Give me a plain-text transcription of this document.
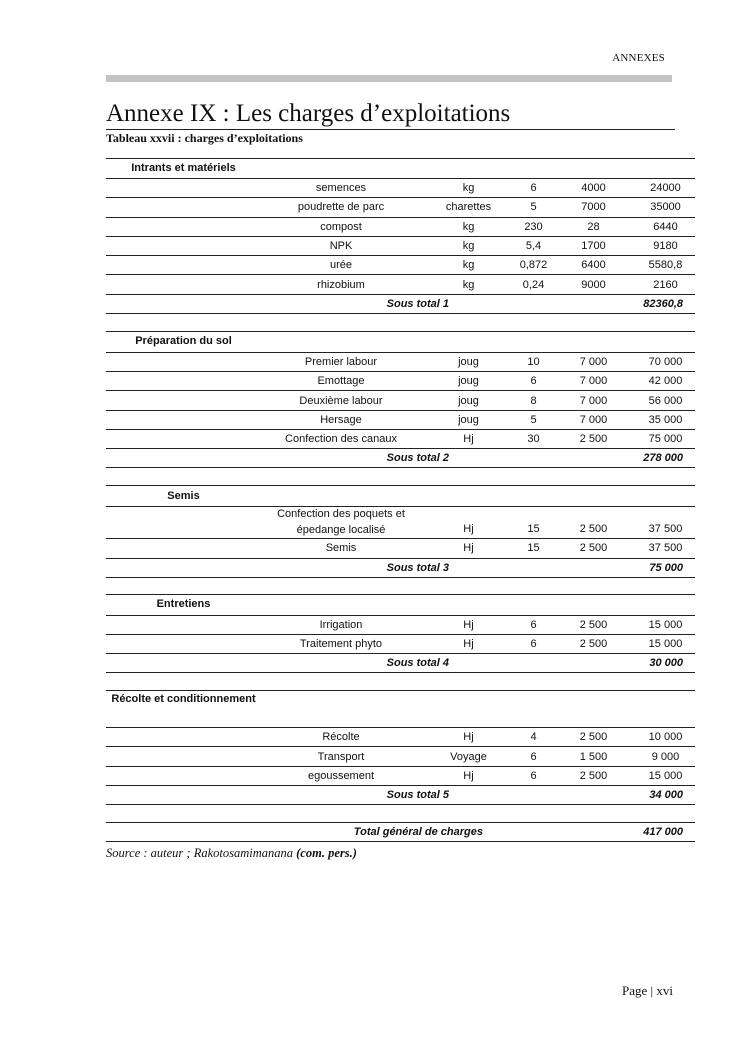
ANNEXES
Annexe IX : Les charges d’exploitations
Tableau xxvii : charges d’exploitations
Intrants et matériels
semences	kg	6	4000	24000
poudrette de parc	charettes	5	7000	35000
compost	kg	230	28	6440
NPK	kg	5,4	1700	9180
urée	kg	0,872	6400	5580,8
rhizobium	kg	0,24	9000	2160
Sous total 1	82360,8
Préparation du sol
Premier labour	joug	10	7 000	70 000
Emottage	joug	6	7 000	42 000
Deuxième labour	joug	8	7 000	56 000
Hersage	joug	5	7 000	35 000
Confection des canaux	Hj	30	2 500	75 000
Sous total 2	278 000
Semis
Confection des poquets et épedange localisé	Hj	15	2 500	37 500
Semis	Hj	15	2 500	37 500
Sous total 3	75 000
Entretiens
Irrigation	Hj	6	2 500	15 000
Traitement phyto	Hj	6	2 500	15 000
Sous total 4	30 000
Récolte et conditionnement
Récolte	Hj	4	2 500	10 000
Transport	Voyage	6	1 500	9 000
egoussement	Hj	6	2 500	15 000
Sous total 5	34 000
Total général de charges	417 000
Source : auteur ; Rakotosamimanana (com. pers.)
Page | xvi
